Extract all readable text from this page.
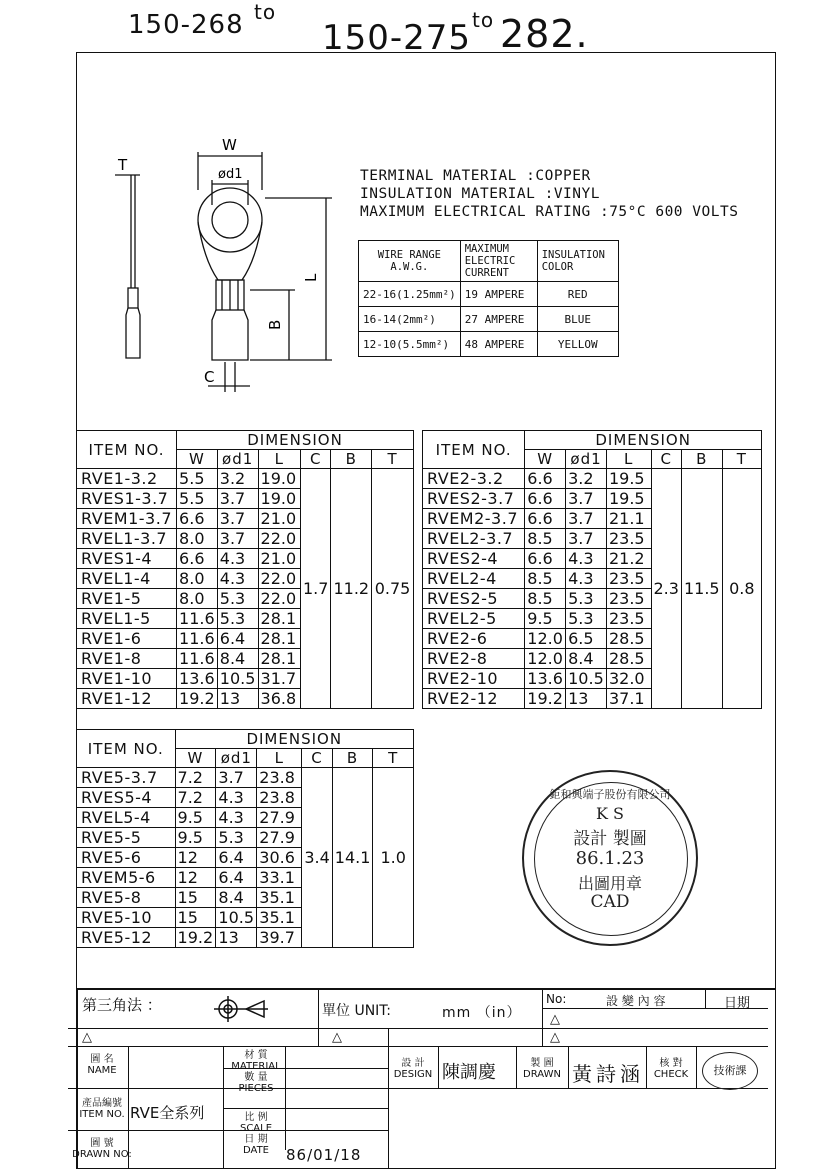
150-268 to
150-275 to 282.
W
ød1
T
L
B
C
TERMINAL MATERIAL :COPPER
INSULATION MATERIAL :VINYL
MAXIMUM ELECTRICAL RATING :75°C 600 VOLTS
WIRE RANGE A.W.G.	MAXIMUM ELECTRIC CURRENT	INSULATION COLOR
22-16(1.25mm²)	19 AMPERE	RED
16-14(2mm²)	27 AMPERE	BLUE
12-10(5.5mm²)	48 AMPERE	YELLOW
ITEM NO.	DIMENSION					
	W	ød1	L	C	B	T
RVE1-3.2	5.5	3.2	19.0	1.7	11.2	0.75
RVES1-3.7	5.5	3.7	19.0			
RVEM1-3.7	6.6	3.7	21.0			
RVEL1-3.7	8.0	3.7	22.0			
RVES1-4	6.6	4.3	21.0			
RVEL1-4	8.0	4.3	22.0			
RVE1-5	8.0	5.3	22.0			
RVEL1-5	11.6	5.3	28.1			
RVE1-6	11.6	6.4	28.1			
RVE1-8	11.6	8.4	28.1			
RVE1-10	13.6	10.5	31.7			
RVE1-12	19.2	13	36.8			
ITEM NO.	DIMENSION					
	W	ød1	L	C	B	T
RVE2-3.2	6.6	3.2	19.5	2.3	11.5	0.8
RVES2-3.7	6.6	3.7	19.5			
RVEM2-3.7	6.6	3.7	21.1			
RVEL2-3.7	8.5	3.7	23.5			
RVES2-4	6.6	4.3	21.2			
RVEL2-4	8.5	4.3	23.5			
RVES2-5	8.5	5.3	23.5			
RVEL2-5	9.5	5.3	23.5			
RVE2-6	12.0	6.5	28.5			
RVE2-8	12.0	8.4	28.5			
RVE2-10	13.6	10.5	32.0			
RVE2-12	19.2	13	37.1			
ITEM NO.	DIMENSION					
	W	ød1	L	C	B	T
RVE5-3.7	7.2	3.7	23.8	3.4	14.1	1.0
RVES5-4	7.2	4.3	23.8			
RVEL5-4	9.5	4.3	27.9			
RVE5-5	9.5	5.3	27.9			
RVE5-6	12	6.4	30.6			
RVEM5-6	12	6.4	33.1			
RVE5-8	15	8.4	35.1			
RVE5-10	15	10.5	35.1			
RVE5-12	19.2	13	39.7			
鉅和興端子股份有限公司
K S
設計 製圖
86.1.23
出圖用章
CAD
第三角法 ：	單位 UNIT:	mm （in）
No:	設 變 內 容	日期
△	△
△
△
圖 名
NAME
產品編號
ITEM NO. RVE全系列
圖 號
DRAWN NO:
材 質
MATERIAL
數 量
PIECES
比 例
SCALE
日 期
DATE	86/01/18
設 計
DESIGN 陳調慶	製 圖
DRAWN 黃詩涵	核 對
CHECK	技術課
